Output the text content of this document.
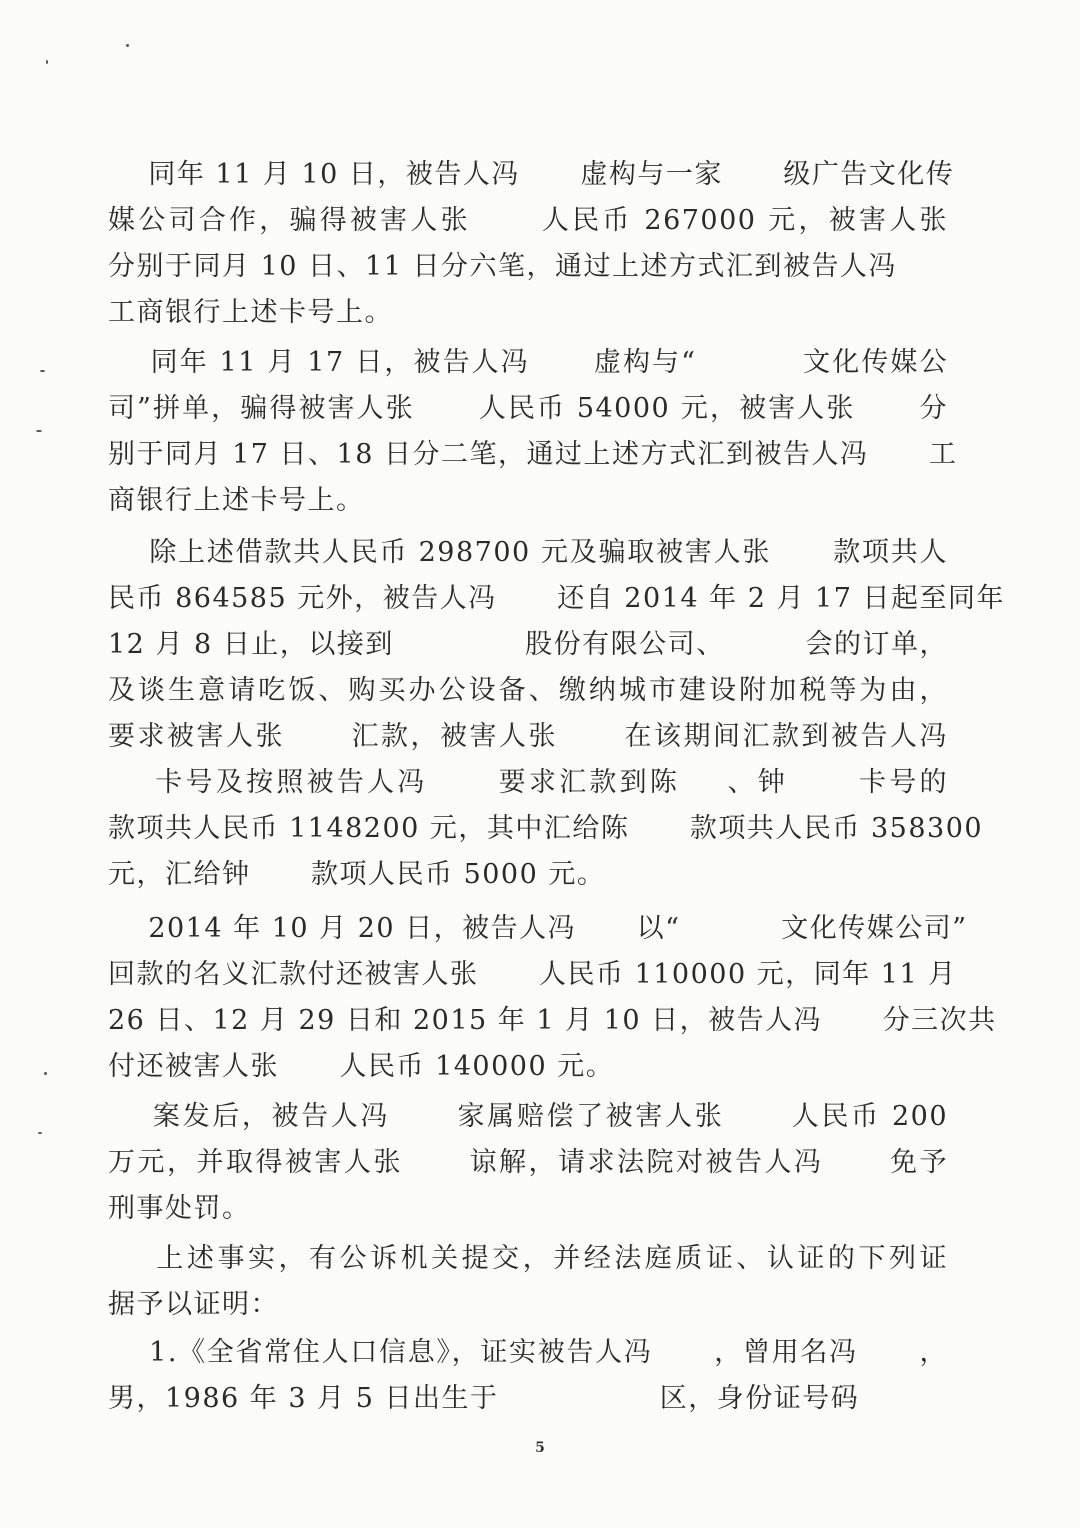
同年 11 月 10 日，被告人冯      虚构与一家      级广告文化传
媒公司合作，骗得被害人张      人民币 267000 元，被害人张
分别于同月 10 日、11 日分六笔，通过上述方式汇到被告人冯
工商银行上述卡号上。
同年 11 月 17 日，被告人冯      虚构与“          文化传媒公
司”拼单，骗得被害人张      人民币 54000 元，被害人张      分
别于同月 17 日、18 日分二笔，通过上述方式汇到被告人冯      工
商银行上述卡号上。
除上述借款共人民币 298700 元及骗取被害人张      款项共人
民币 864585 元外，被告人冯      还自 2014 年 2 月 17 日起至同年
12 月 8 日止，以接到             股份有限公司、        会的订单，
及谈生意请吃饭、购买办公设备、缴纳城市建设附加税等为由，
要求被害人张      汇款，被害人张      在该期间汇款到被告人冯
卡号及按照被告人冯      要求汇款到陈    、钟      卡号的
款项共人民币 1148200 元，其中汇给陈      款项共人民币 358300
元，汇给钟      款项人民币 5000 元。
2014 年 10 月 20 日，被告人冯      以“          文化传媒公司”
回款的名义汇款付还被害人张      人民币 110000 元，同年 11 月
26 日、12 月 29 日和 2015 年 1 月 10 日，被告人冯      分三次共
付还被害人张      人民币 140000 元。
案发后，被告人冯      家属赔偿了被害人张      人民币 200
万元，并取得被害人张      谅解，请求法院对被告人冯      免予
刑事处罚。
上述事实，有公诉机关提交，并经法庭质证、认证的下列证
据予以证明：
1.《全省常住人口信息》，证实被告人冯      ，曾用名冯      ，
男，1986 年 3 月 5 日出生于                区，身份证号码
5
